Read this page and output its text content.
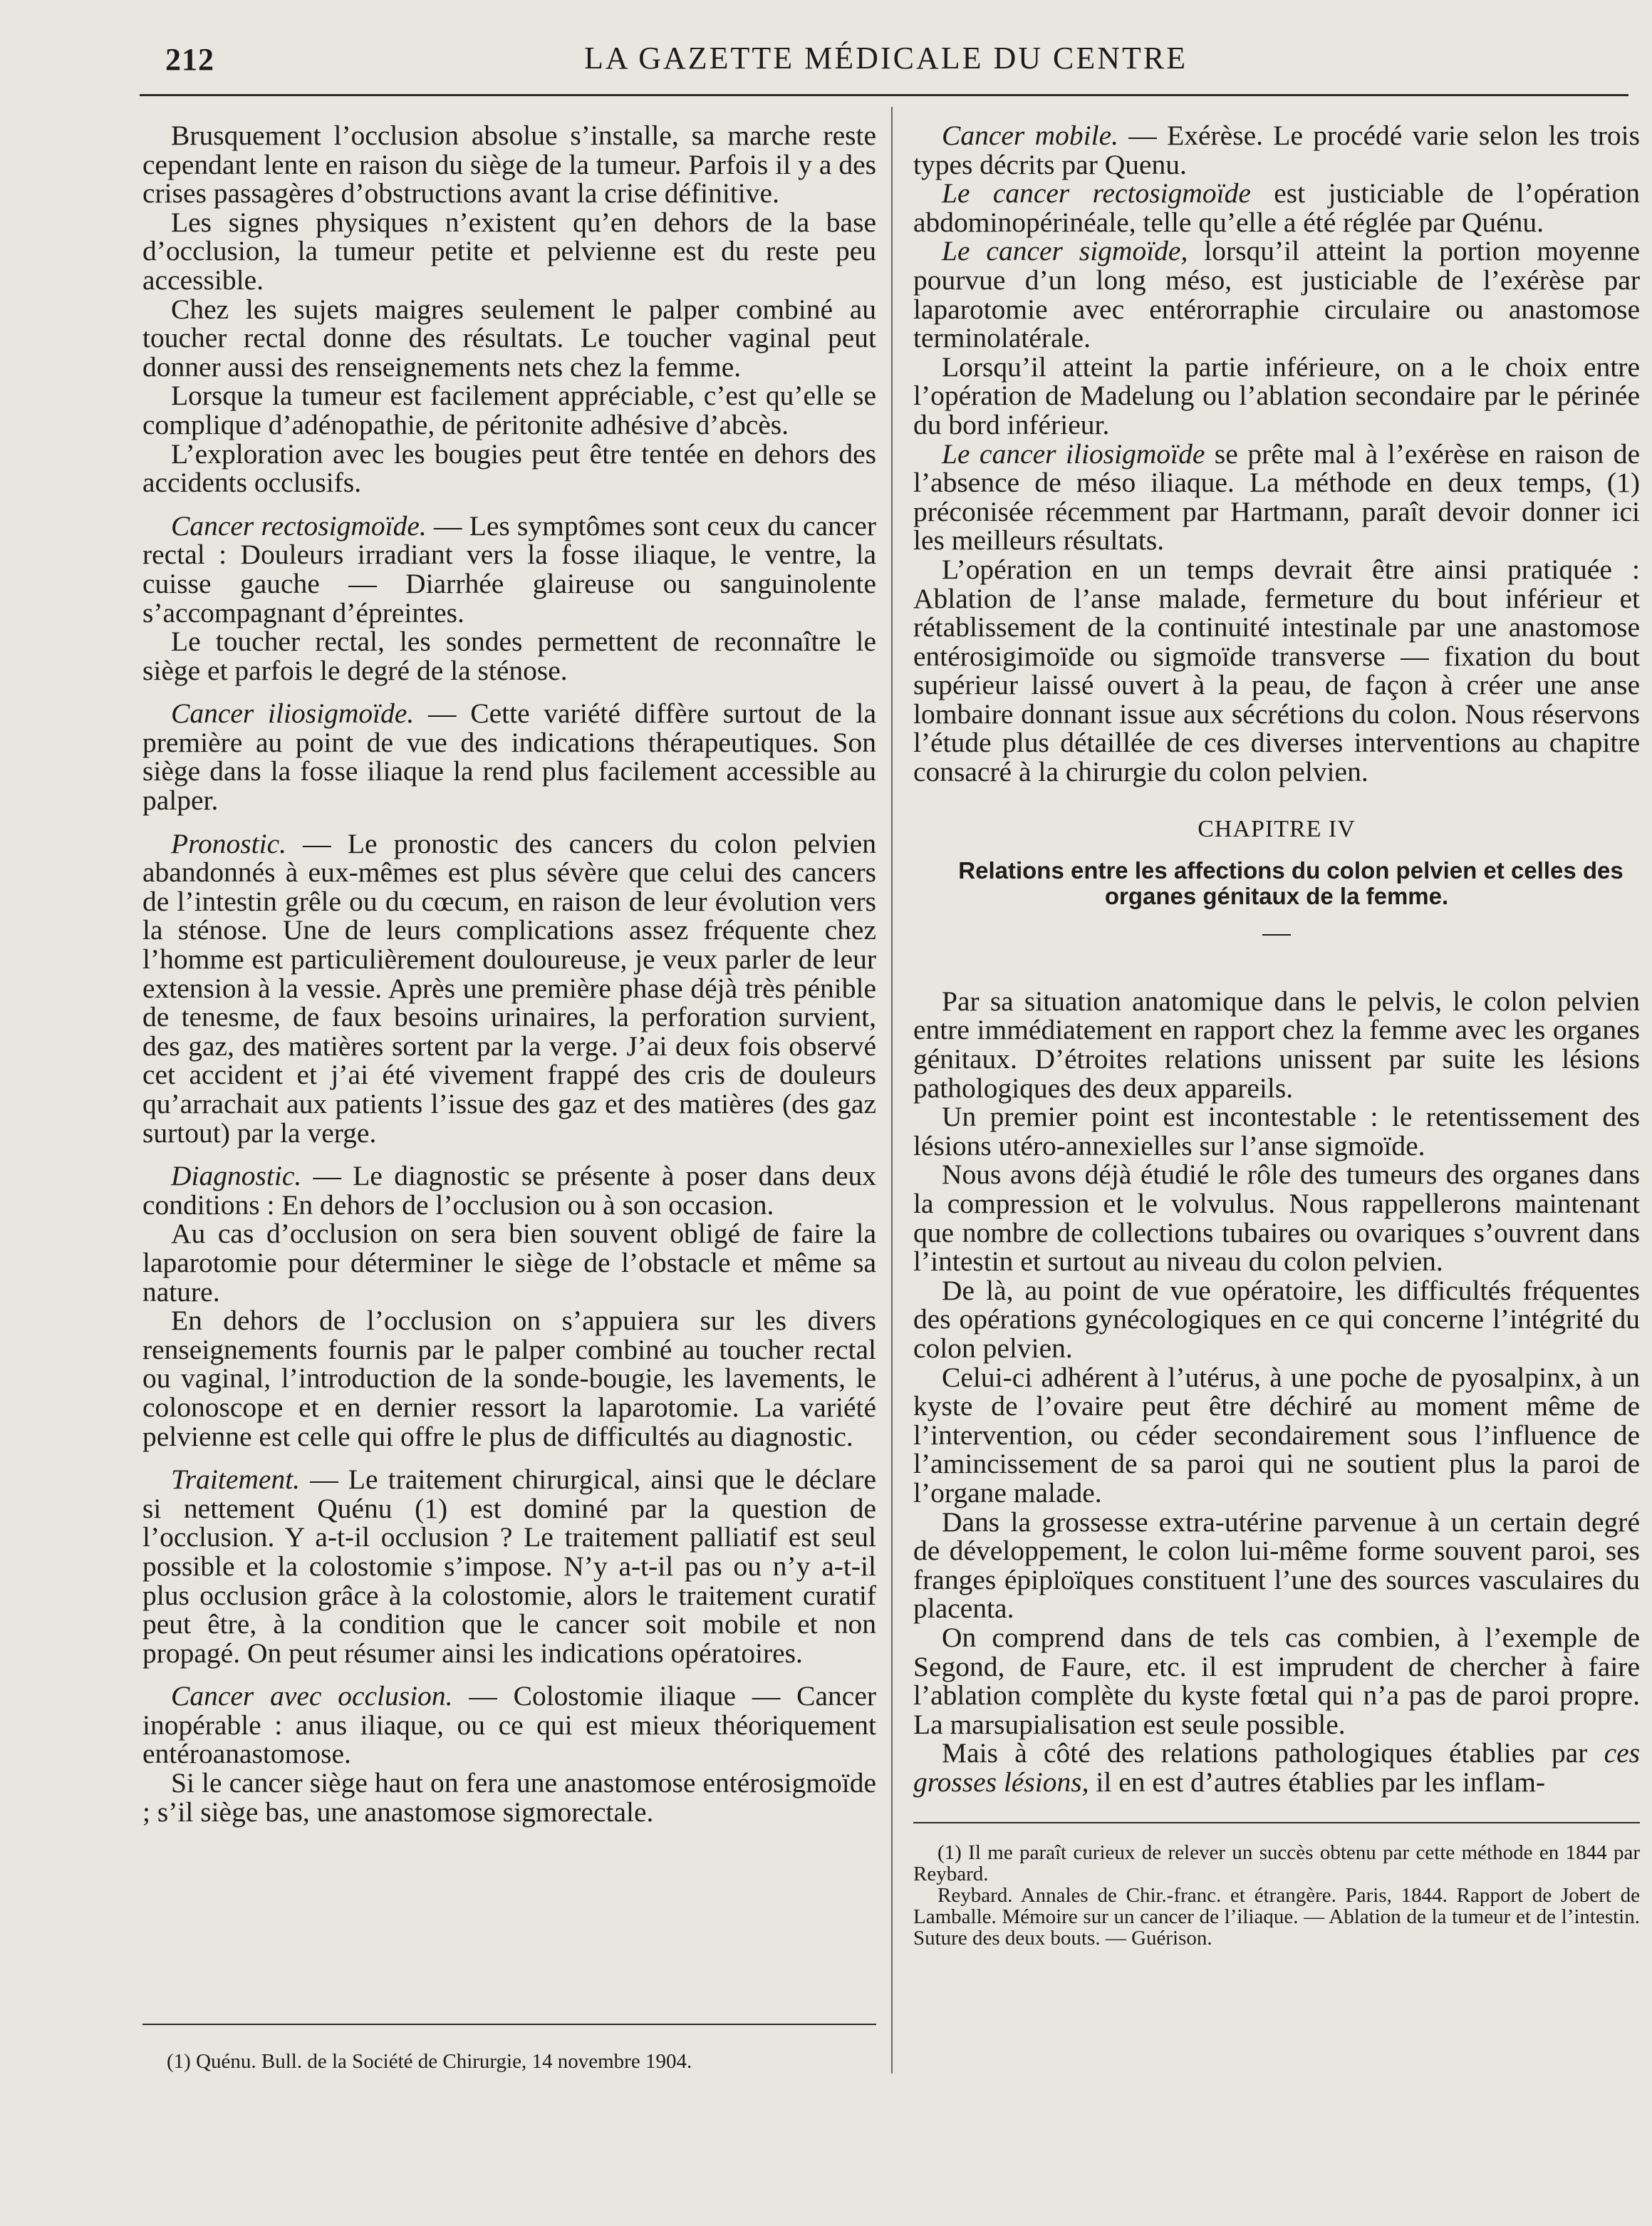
212	LA GAZETTE MÉDICALE DU CENTRE

Brusquement l’occlusion absolue s’installe, sa marche reste cependant lente en raison du siège de la tumeur. Parfois il y a des crises passagères d’obstructions avant la crise définitive.

Les signes physiques n’existent qu’en dehors de la base d’occlusion, la tumeur petite et pelvienne est du reste peu accessible.

Chez les sujets maigres seulement le palper combiné au toucher rectal donne des résultats. Le toucher vaginal peut donner aussi des renseignements nets chez la femme.

Lorsque la tumeur est facilement appréciable, c’est qu’elle se complique d’adénopathie, de péritonite adhésive d’abcès.

L’exploration avec les bougies peut être tentée en dehors des accidents occlusifs.

Cancer rectosigmoïde. — Les symptômes sont ceux du cancer rectal : Douleurs irradiant vers la fosse iliaque, le ventre, la cuisse gauche — Diarrhée glaireuse ou sanguinolente s’accompagnant d’épreintes.

Le toucher rectal, les sondes permettent de reconnaître le siège et parfois le degré de la sténose.

Cancer iliosigmoïde. — Cette variété diffère surtout de la première au point de vue des indications thérapeutiques. Son siège dans la fosse iliaque la rend plus facilement accessible au palper.

Pronostic. — Le pronostic des cancers du colon pelvien abandonnés à eux-mêmes est plus sévère que celui des cancers de l’intestin grêle ou du cœcum, en raison de leur évolution vers la sténose. Une de leurs complications assez fréquente chez l’homme est particulièrement douloureuse, je veux parler de leur extension à la vessie. Après une première phase déjà très pénible de tenesme, de faux besoins urinaires, la perforation survient, des gaz, des matières sortent par la verge. J’ai deux fois observé cet accident et j’ai été vivement frappé des cris de douleurs qu’arrachait aux patients l’issue des gaz et des matières (des gaz surtout) par la verge.

Diagnostic. — Le diagnostic se présente à poser dans deux conditions : En dehors de l’occlusion ou à son occasion.

Au cas d’occlusion on sera bien souvent obligé de faire la laparotomie pour déterminer le siège de l’obstacle et même sa nature.

En dehors de l’occlusion on s’appuiera sur les divers renseignements fournis par le palper combiné au toucher rectal ou vaginal, l’introduction de la sonde-bougie, les lavements, le colonoscope et en dernier ressort la laparotomie. La variété pelvienne est celle qui offre le plus de difficultés au diagnostic.

Traitement. — Le traitement chirurgical, ainsi que le déclare si nettement Quénu (1) est dominé par la question de l’occlusion. Y a-t-il occlusion ? Le traitement palliatif est seul possible et la colostomie s’impose. N’y a-t-il pas ou n’y a-t-il plus occlusion grâce à la colostomie, alors le traitement curatif peut être, à la condition que le cancer soit mobile et non propagé. On peut résumer ainsi les indications opératoires.

Cancer avec occlusion. — Colostomie iliaque — Cancer inopérable : anus iliaque, ou ce qui est mieux théoriquement entéroanastomose.

Si le cancer siège haut on fera une anastomose entérosigmoïde ; s’il siège bas, une anastomose sigmorectale.

Cancer mobile. — Exérèse. Le procédé varie selon les trois types décrits par Quenu.

Le cancer rectosigmoïde est justiciable de l’opération abdominopérinéale, telle qu’elle a été réglée par Quénu.

Le cancer sigmoïde, lorsqu’il atteint la portion moyenne pourvue d’un long méso, est justiciable de l’exérèse par laparotomie avec entérorraphie circulaire ou anastomose terminolatérale.

Lorsqu’il atteint la partie inférieure, on a le choix entre l’opération de Madelung ou l’ablation secondaire par le périnée du bord inférieur.

Le cancer iliosigmoïde se prête mal à l’exérèse en raison de l’absence de méso iliaque. La méthode en deux temps, (1) préconisée récemment par Hartmann, paraît devoir donner ici les meilleurs résultats.

L’opération en un temps devrait être ainsi pratiquée : Ablation de l’anse malade, fermeture du bout inférieur et rétablissement de la continuité intestinale par une anastomose entérosigimoïde ou sigmoïde transverse — fixation du bout supérieur laissé ouvert à la peau, de façon à créer une anse lombaire donnant issue aux sécrétions du colon. Nous réservons l’étude plus détaillée de ces diverses interventions au chapitre consacré à la chirurgie du colon pelvien.

CHAPITRE IV

Relations entre les affections du colon pelvien et celles des organes génitaux de la femme.

—

Par sa situation anatomique dans le pelvis, le colon pelvien entre immédiatement en rapport chez la femme avec les organes génitaux. D’étroites relations unissent par suite les lésions pathologiques des deux appareils.

Un premier point est incontestable : le retentissement des lésions utéro-annexielles sur l’anse sigmoïde.

Nous avons déjà étudié le rôle des tumeurs des organes dans la compression et le volvulus. Nous rappellerons maintenant que nombre de collections tubaires ou ovariques s’ouvrent dans l’intestin et surtout au niveau du colon pelvien.

De là, au point de vue opératoire, les difficultés fréquentes des opérations gynécologiques en ce qui concerne l’intégrité du colon pelvien.

Celui-ci adhérent à l’utérus, à une poche de pyosalpinx, à un kyste de l’ovaire peut être déchiré au moment même de l’intervention, ou céder secondairement sous l’influence de l’amincissement de sa paroi qui ne soutient plus la paroi de l’organe malade.

Dans la grossesse extra-utérine parvenue à un certain degré de développement, le colon lui-même forme souvent paroi, ses franges épiploïques constituent l’une des sources vasculaires du placenta.

On comprend dans de tels cas combien, à l’exemple de Segond, de Faure, etc. il est imprudent de chercher à faire l’ablation complète du kyste fœtal qui n’a pas de paroi propre. La marsupialisation est seule possible.

Mais à côté des relations pathologiques établies par ces grosses lésions, il en est d’autres établies par les inflam-

(1) Il me paraît curieux de relever un succès obtenu par cette méthode en 1844 par Reybard.

Reybard. Annales de Chir.-franc. et étrangère. Paris, 1844. Rapport de Jobert de Lamballe. Mémoire sur un cancer de l’iliaque. — Ablation de la tumeur et de l’intestin. Suture des deux bouts. — Guérison.

(1) Quénu. Bull. de la Société de Chirurgie, 14 novembre 1904.
